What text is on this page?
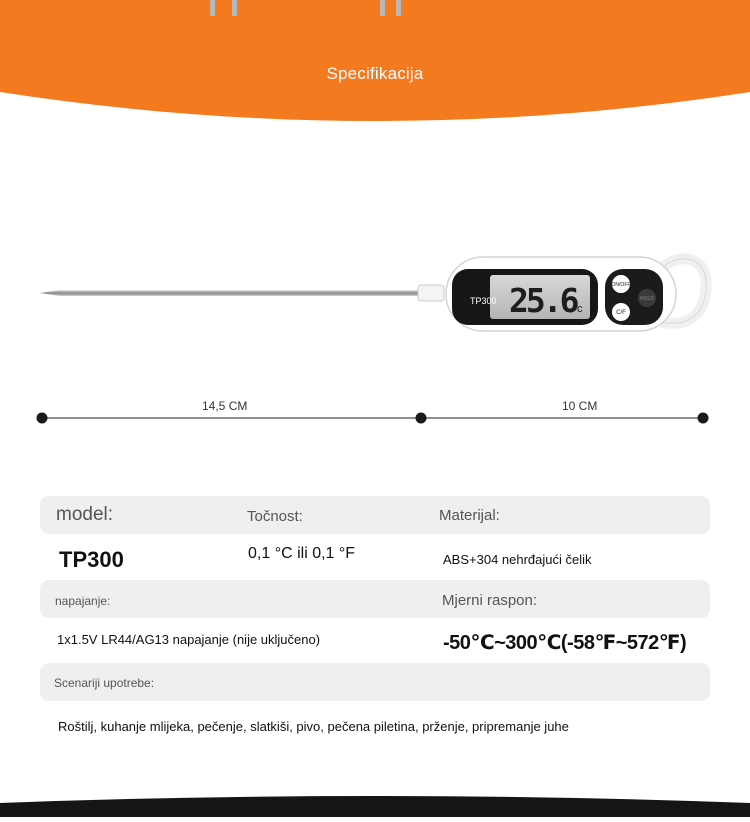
Specifikacija
TP300 25.6 c
ON/OFF
HOLD
C/F
14,5 CM	10 CM
model:	Točnost:	Materijal:
TP300	0,1 °C ili 0,1 °F	ABS+304 nehrđajući čelik
napajanje:	Mjerni raspon:
1x1.5V LR44/AG13 napajanje (nije uključeno)	-50℃~300℃(-58℉~572℉)
Scenariji upotrebe:
Roštilj, kuhanje mlijeka, pečenje, slatkiši, pivo, pečena piletina, prženje, pripremanje juhe
